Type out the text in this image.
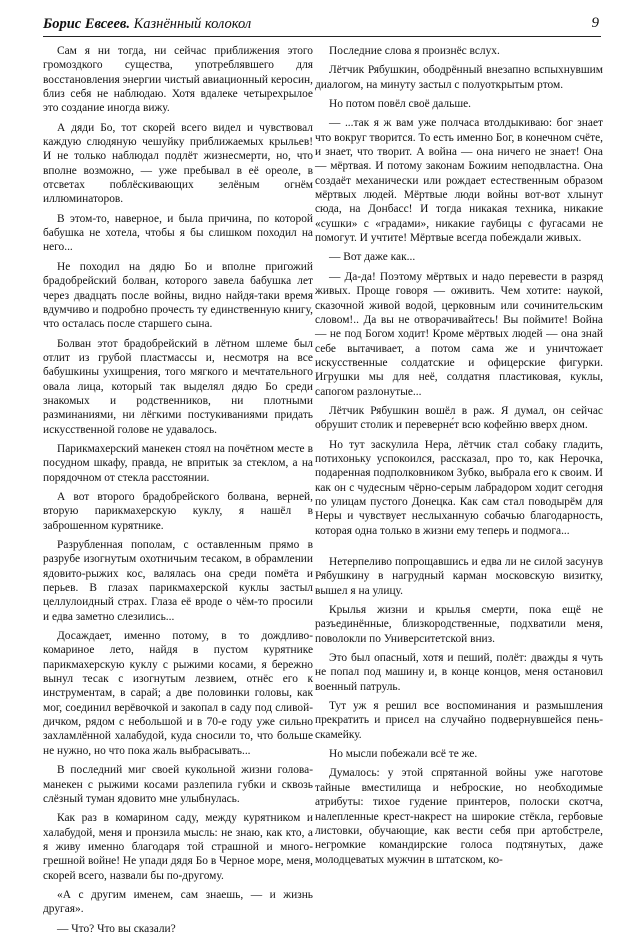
Борис Евсеев. Казнённый колокол	9

Сам я ни тогда, ни сейчас приближения этого громоздкого существа, употреблявшего для восстановления энергии чистый авиационный керосин, близ себя не наблюдаю. Хотя вдалеке четырехрылое это создание иногда вижу.

А дяди Бо, тот скорей всего видел и чувствовал каждую слюдяную чешуйку приближаемых крыльев! И не только наблюдал подлёт жизнесмерти, но, что вполне возможно, — уже пребывал в её ореоле, в отсветах поблёскивающих зелёным огнём иллюминаторов.

В этом-то, наверное, и была причина, по которой бабушка не хотела, чтобы я бы слишком походил на него...

Не походил на дядю Бо и вполне пригожий брадобрейский болван, которого завела бабушка лет через двадцать после войны, видно найдя-таки время вдумчиво и подробно прочесть ту единственную книгу, что осталась после старшего сына.

Болван этот брадобрейский в лётном шлеме был отлит из грубой пластмассы и, несмотря на все бабушкины ухищрения, того мягкого и мечтательного овала лица, который так выделял дядю Бо среди знакомых и родственников, ни плотными разминаниями, ни лёгкими постукиваниями придать искусственной голове не удавалось.

Парикмахерский манекен стоял на почётном месте в посудном шкафу, правда, не впритык за стеклом, а на порядочном от стекла расстоянии.

А вот второго брадобрейского болвана, верней, вторую парикмахерскую куклу, я нашёл в заброшенном курятнике.

Разрубленная пополам, с оставленным прямо в разрубе изогнутым охотничьим тесаком, в обрамлении ядовито-рыжих кос, валялась она среди помёта и перьев. В глазах парикмахерской куклы застыл целлулоидный страх. Глаза её вроде о чём-то просили и едва заметно слезились...

Досаждает, именно потому, в то дождливо-комариное лето, найдя в пустом курятнике парикмахерскую куклу с рыжими косами, я бережно вынул тесак с изогнутым лезвием, отнёс его к инструментам, в сарай; а две половинки головы, как мог, соединил верёвочкой и закопал в саду под сливой-дичком, рядом с небольшой и в 70-е году уже сильно захламлённой халабудой, куда сносили то, что больше не нужно, но что пока жаль выбрасывать...

В последний миг своей кукольной жизни голова-манекен с рыжими косами разлепила губки и сквозь слёзный туман ядовито мне улыбнулась.

Как раз в комарином саду, между курятником и халабудой, меня и пронзила мысль: не знаю, как кто, а я живу именно благодаря той страшной и много-грешной войне! Не упади дядя Бо в Черное море, меня, скорей всего, назвали бы по-другому.

«А с другим именем, сам знаешь, — и жизнь другая».

— Что? Что вы сказали?

Последние слова я произнёс вслух.

Лётчик Рябушкин, ободрённый внезапно вспыхнувшим диалогом, на минуту застыл с полуоткрытым ртом.

Но потом повёл своё дальше.

— ...так я ж вам уже полчаса втолдыкиваю: бог знает что вокруг творится. То есть именно Бог, в конечном счёте, и знает, что творит. А война — она ничего не знает! Она — мёртвая. И потому законам Божиим неподвластна. Она создаёт механически или рождает естественным образом мёртвых людей. Мёртвые люди войны вот-вот хлынут сюда, на Донбасс! И тогда никакая техника, никакие «сушки» с «градами», никакие гаубицы с фугасами не помогут. И учтите! Мёртвые всегда побеждали живых.

— Вот даже как...

— Да-да! Поэтому мёртвых и надо перевести в разряд живых. Проще говоря — оживить. Чем хотите: наукой, сказочной живой водой, церковным или сочинительским словом!.. Да вы не отворачивайтесь! Вы поймите! Война — не под Богом ходит! Кроме мёртвых людей — она знай себе вытачивает, а потом сама же и уничтожает искусственные солдатские и офицерские фигурки. Игрушки мы для неё, солдатня пластиковая, куклы, сапогом разлонутые...

Лётчик Рябушкин вошёл в раж. Я думал, он сейчас обрушит столик и переверне́т всю кофейню вверх дном.

Но тут заскулила Нера, лётчик стал собаку гладить, потихоньку успокоился, рассказал, про то, как Нерочка, подаренная подполковником Зубко, выбрала его к своим. И как он с чудесным чёрно-серым лабрадором ходит сегодня по улицам пустого Донецка. Как сам стал поводырём для Неры и чувствует неслыханную собачью благодарность, которая одна только в жизни ему теперь и подмога...

Нетерпеливо попрощавшись и едва ли не силой засунув Рябушкину в нагрудный карман московскую визитку, вышел я на улицу.

Крылья жизни и крылья смерти, пока ещё не разъединённые, близкородственные, подхватили меня, поволокли по Университетской вниз.

Это был опасный, хотя и пеший, полёт: дважды я чуть не попал под машину и, в конце концов, меня остановил военный патруль.

Тут уж я решил все воспоминания и размышления прекратить и присел на случайно подвернувшейся пень-скамейку.

Но мысли побежали всё те же.

Думалось: у этой спрятанной войны уже наготове тайные вместилища и неброские, но необходимые атрибуты: тихое гудение принтеров, полоски скотча, налепленные крест-накрест на широкие стёкла, гербовые листовки, обучающие, как вести себя при артобстреле, негромкие командирские голоса подтянутых, даже молодцеватых мужчин в штатском, ко-
